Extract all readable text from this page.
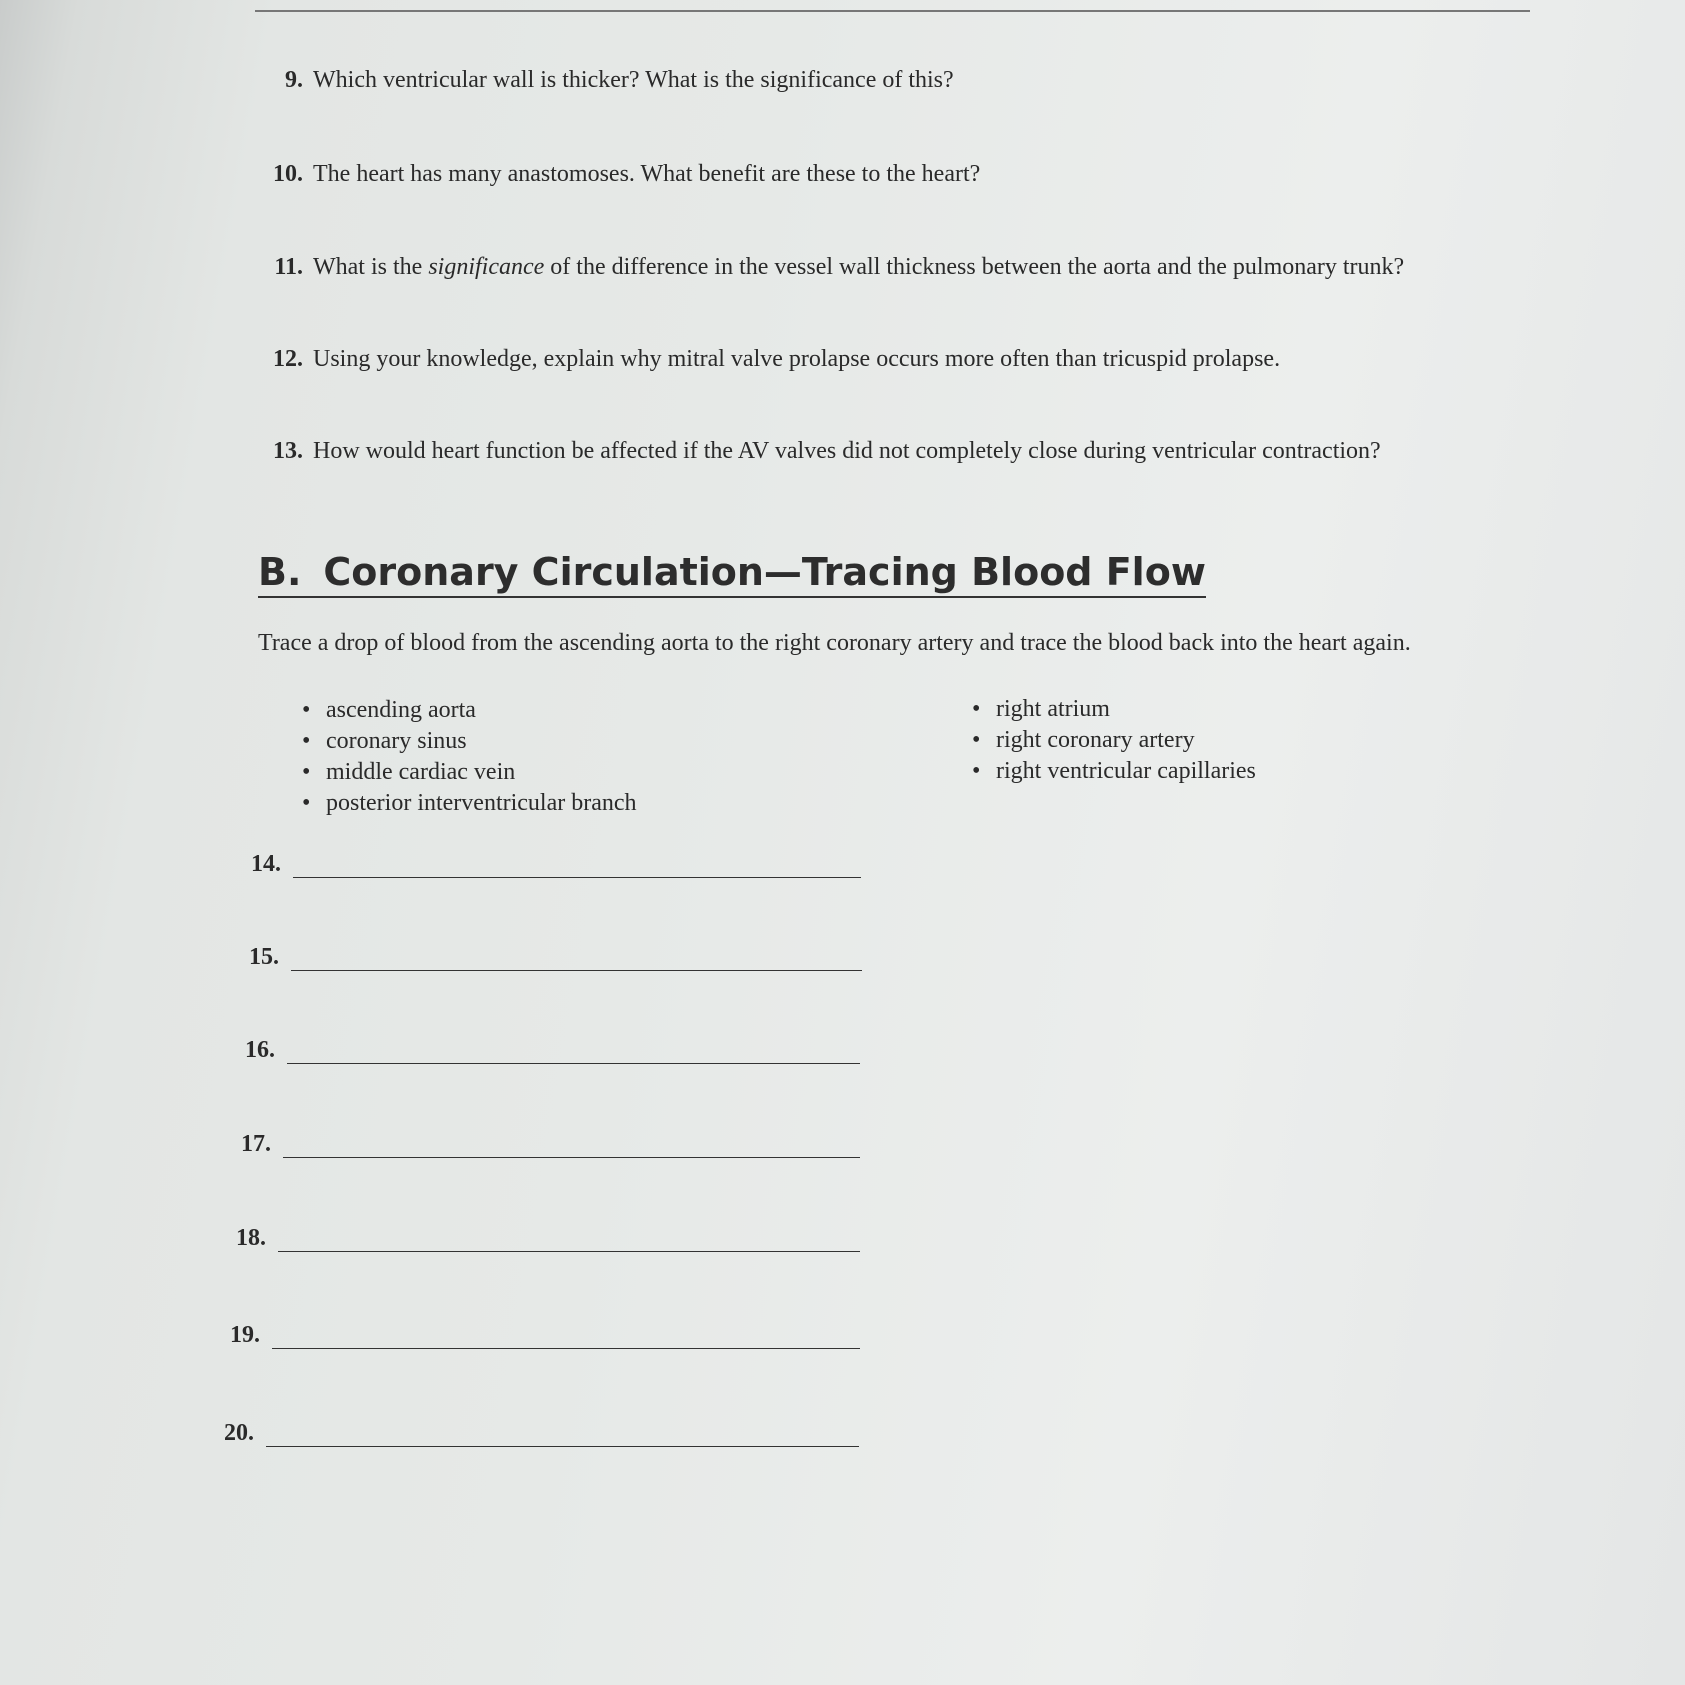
9. Which ventricular wall is thicker? What is the significance of this?
10. The heart has many anastomoses. What benefit are these to the heart?
11. What is the significance of the difference in the vessel wall thickness between the aorta and the pulmonary trunk?
12. Using your knowledge, explain why mitral valve prolapse occurs more often than tricuspid prolapse.
13. How would heart function be affected if the AV valves did not completely close during ventricular contraction?
B. Coronary Circulation—Tracing Blood Flow
Trace a drop of blood from the ascending aorta to the right coronary artery and trace the blood back into the heart again.
• ascending aorta
• coronary sinus
• middle cardiac vein
• posterior interventricular branch
• right atrium
• right coronary artery
• right ventricular capillaries
14.
15.
16.
17.
18.
19.
20.
